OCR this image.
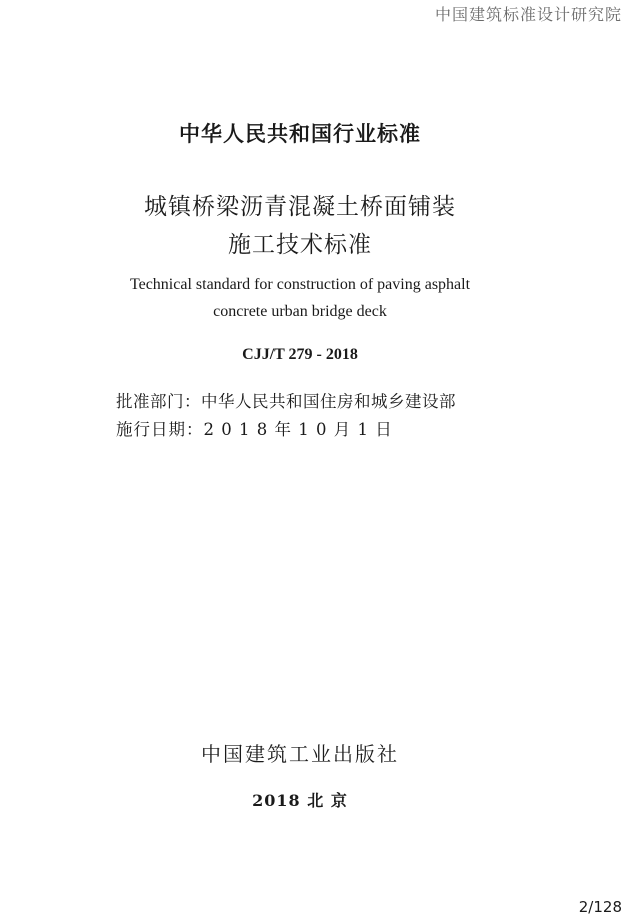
中国建筑标准设计研究院
中华人民共和国行业标准
城镇桥梁沥青混凝土桥面铺装
施工技术标准
Technical standard for construction of paving asphalt
concrete urban bridge deck
CJJ/T 279 - 2018
批准部门：中华人民共和国住房和城乡建设部
施行日期：2 0 1 8 年 1 0 月 1 日
中国建筑工业出版社
2018 北 京
2/128
